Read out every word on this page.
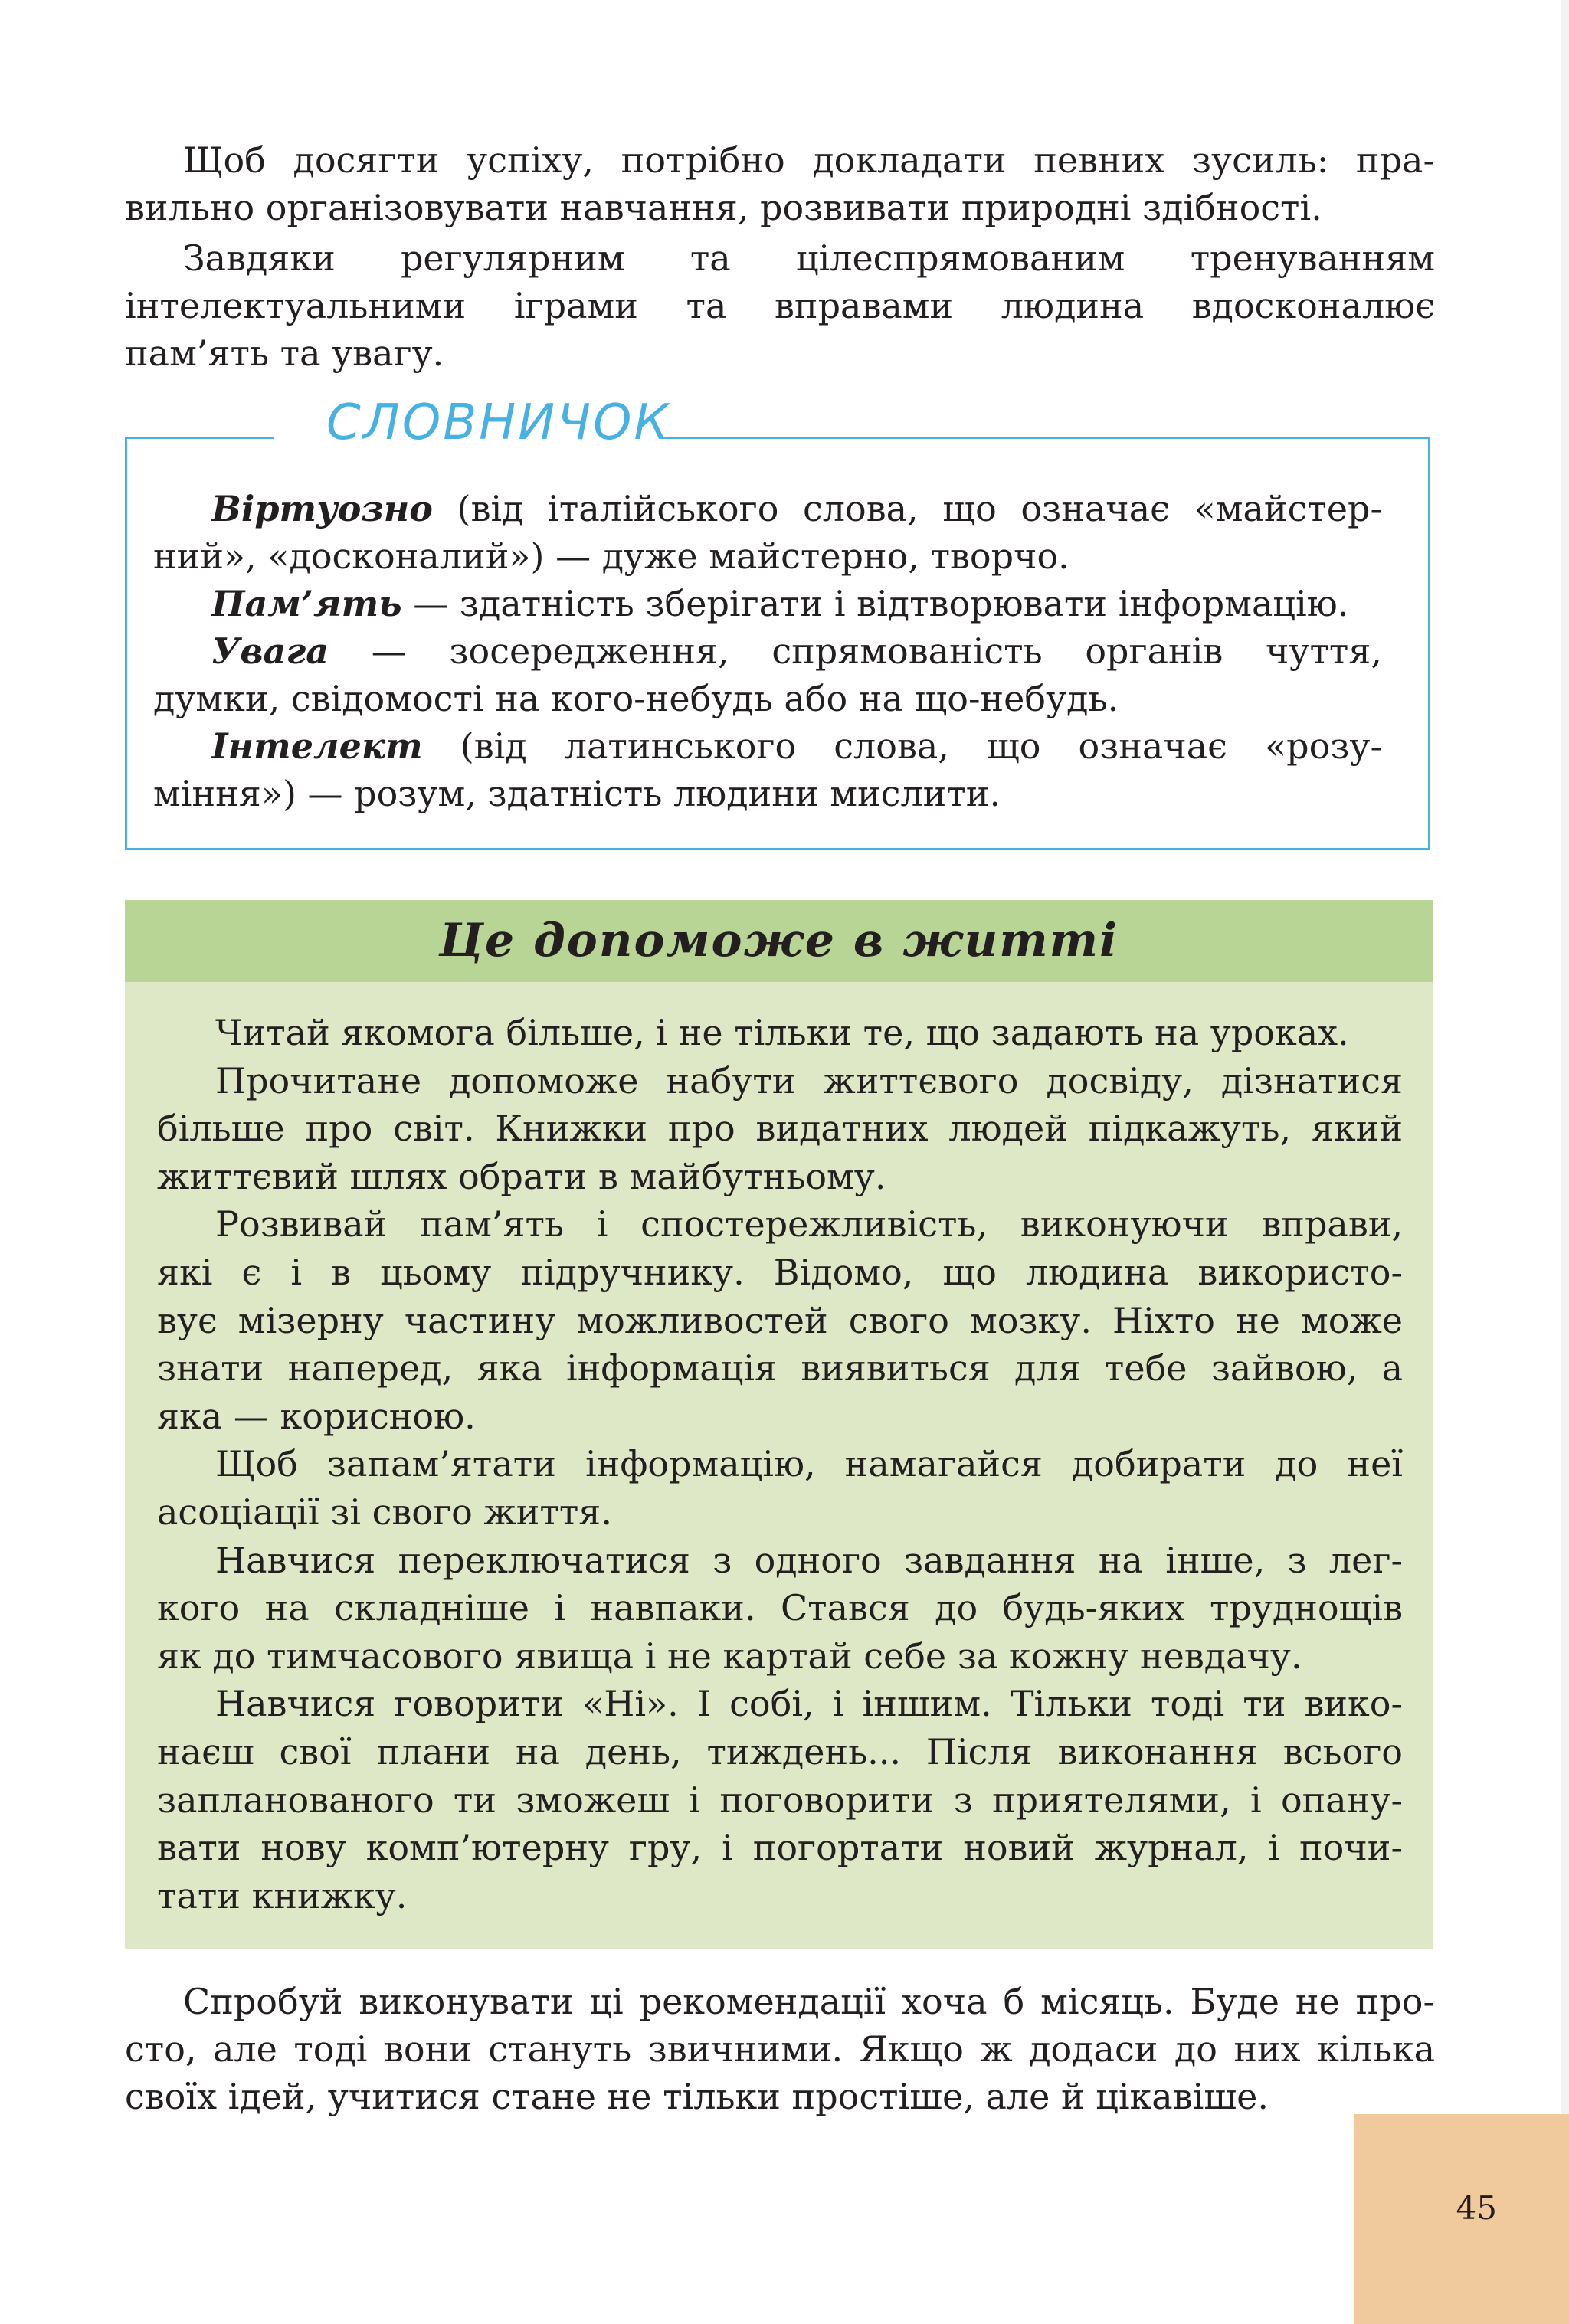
Щоб досягти успіху, потрібно докладати певних зусиль: пра-
вильно організовувати навчання, розвивати природні здібності.
Завдяки регулярним та цілеспрямованим тренуванням
інтелектуальними іграми та вправами людина вдосконалює
пам’ять та увагу.
СЛОВНИЧОК
Віртуозно (від італійського слова, що означає «майстер-
ний», «досконалий») — дуже майстерно, творчо.
Пам’ять — здатність зберігати і відтворювати інформацію.
Увага — зосередження, спрямованість органів чуття,
думки, свідомості на кого-небудь або на що-небудь.
Інтелект (від латинського слова, що означає «розу-
міння») — розум, здатність людини мислити.
Це допоможе в житті
Читай якомога більше, і не тільки те, що задають на уроках.
Прочитане допоможе набути життєвого досвіду, дізнатися
більше про світ. Книжки про видатних людей підкажуть, який
життєвий шлях обрати в майбутньому.
Розвивай пам’ять і спостережливість, виконуючи вправи,
які є і в цьому підручнику. Відомо, що людина використо-
вує мізерну частину можливостей свого мозку. Ніхто не може
знати наперед, яка інформація виявиться для тебе зайвою, а
яка — корисною.
Щоб запам’ятати інформацію, намагайся добирати до неї
асоціації зі свого життя.
Навчися переключатися з одного завдання на інше, з лег-
кого на складніше і навпаки. Стався до будь-яких труднощів
як до тимчасового явища і не картай себе за кожну невдачу.
Навчися говорити «Ні». І собі, і іншим. Тільки тоді ти вико-
наєш свої плани на день, тиждень... Після виконання всього
запланованого ти зможеш і поговорити з приятелями, і опану-
вати нову комп’ютерну гру, і погортати новий журнал, і почи-
тати книжку.
Спробуй виконувати ці рекомендації хоча б місяць. Буде не про-
сто, але тоді вони стануть звичними. Якщо ж додаси до них кілька
своїх ідей, учитися стане не тільки простіше, але й цікавіше.
45
